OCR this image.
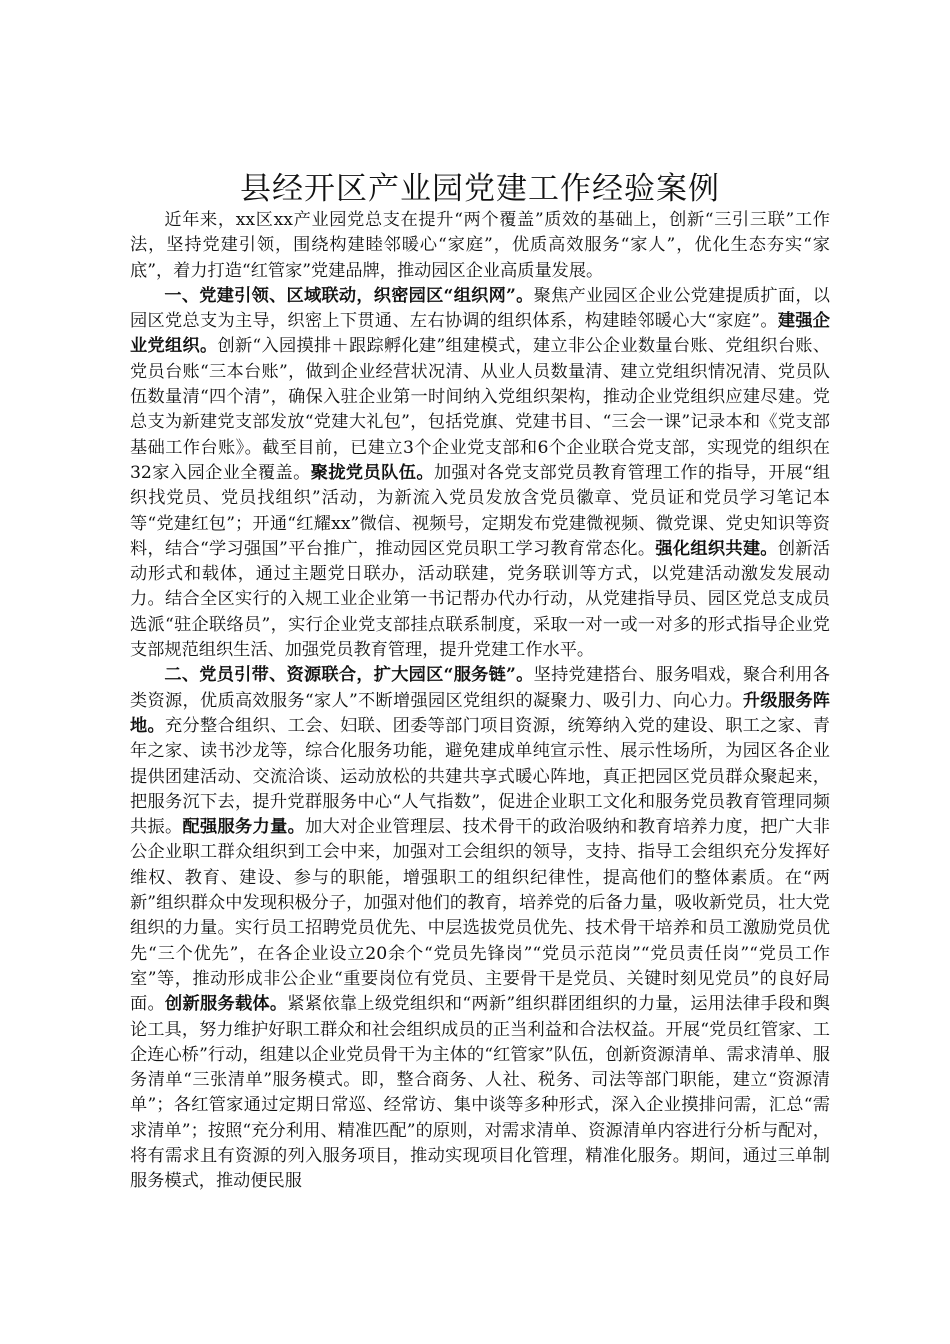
县经开区产业园党建工作经验案例

近年来，xx区xx产业园党总支在提升“两个覆盖”质效的基础上，创新“三引三联”工作法，坚持党建引领，围绕构建睦邻暖心“家庭”，优质高效服务“家人”，优化生态夯实“家底”，着力打造“红管家”党建品牌，推动园区企业高质量发展。

一、党建引领、区域联动，织密园区“组织网”。聚焦产业园区企业公党建提质扩面，以园区党总支为主导，织密上下贯通、左右协调的组织体系，构建睦邻暖心大“家庭”。建强企业党组织。创新“入园摸排＋跟踪孵化建”组建模式，建立非公企业数量台账、党组织台账、党员台账“三本台账”，做到企业经营状况清、从业人员数量清、建立党组织情况清、党员队伍数量清“四个清”，确保入驻企业第一时间纳入党组织架构，推动企业党组织应建尽建。党总支为新建党支部发放“党建大礼包”，包括党旗、党建书目、“三会一课”记录本和《党支部基础工作台账》。截至目前，已建立3个企业党支部和6个企业联合党支部，实现党的组织在32家入园企业全覆盖。聚拢党员队伍。加强对各党支部党员教育管理工作的指导，开展“组织找党员、党员找组织”活动，为新流入党员发放含党员徽章、党员证和党员学习笔记本等“党建红包”；开通“红耀xx”微信、视频号，定期发布党建微视频、微党课、党史知识等资料，结合“学习强国”平台推广，推动园区党员职工学习教育常态化。强化组织共建。创新活动形式和载体，通过主题党日联办，活动联建，党务联训等方式，以党建活动激发发展动力。结合全区实行的入规工业企业第一书记帮办代办行动，从党建指导员、园区党总支成员选派“驻企联络员”，实行企业党支部挂点联系制度，采取一对一或一对多的形式指导企业党支部规范组织生活、加强党员教育管理，提升党建工作水平。

二、党员引带、资源联合，扩大园区“服务链”。坚持党建搭台、服务唱戏，聚合利用各类资源，优质高效服务“家人”不断增强园区党组织的凝聚力、吸引力、向心力。升级服务阵地。充分整合组织、工会、妇联、团委等部门项目资源，统筹纳入党的建设、职工之家、青年之家、读书沙龙等，综合化服务功能，避免建成单纯宣示性、展示性场所，为园区各企业提供团建活动、交流洽谈、运动放松的共建共享式暖心阵地，真正把园区党员群众聚起来，把服务沉下去，提升党群服务中心“人气指数”，促进企业职工文化和服务党员教育管理同频共振。配强服务力量。加大对企业管理层、技术骨干的政治吸纳和教育培养力度，把广大非公企业职工群众组织到工会中来，加强对工会组织的领导，支持、指导工会组织充分发挥好维权、教育、建设、参与的职能，增强职工的组织纪律性，提高他们的整体素质。在“两新”组织群众中发现积极分子，加强对他们的教育，培养党的后备力量，吸收新党员，壮大党组织的力量。实行员工招聘党员优先、中层选拔党员优先、技术骨干培养和员工激励党员优先“三个优先”，在各企业设立20余个“党员先锋岗”“党员示范岗”“党员责任岗”“党员工作室”等，推动形成非公企业“重要岗位有党员、主要骨干是党员、关键时刻见党员”的良好局面。创新服务载体。紧紧依靠上级党组织和“两新”组织群团组织的力量，运用法律手段和舆论工具，努力维护好职工群众和社会组织成员的正当利益和合法权益。开展“党员红管家、工企连心桥”行动，组建以企业党员骨干为主体的“红管家”队伍，创新资源清单、需求清单、服务清单“三张清单”服务模式。即，整合商务、人社、税务、司法等部门职能，建立“资源清单”；各红管家通过定期日常巡、经常访、集中谈等多种形式，深入企业摸排问需，汇总“需求清单”；按照“充分利用、精准匹配”的原则，对需求清单、资源清单内容进行分析与配对，将有需求且有资源的列入服务项目，推动实现项目化管理，精准化服务。期间，通过三单制服务模式，推动便民服
